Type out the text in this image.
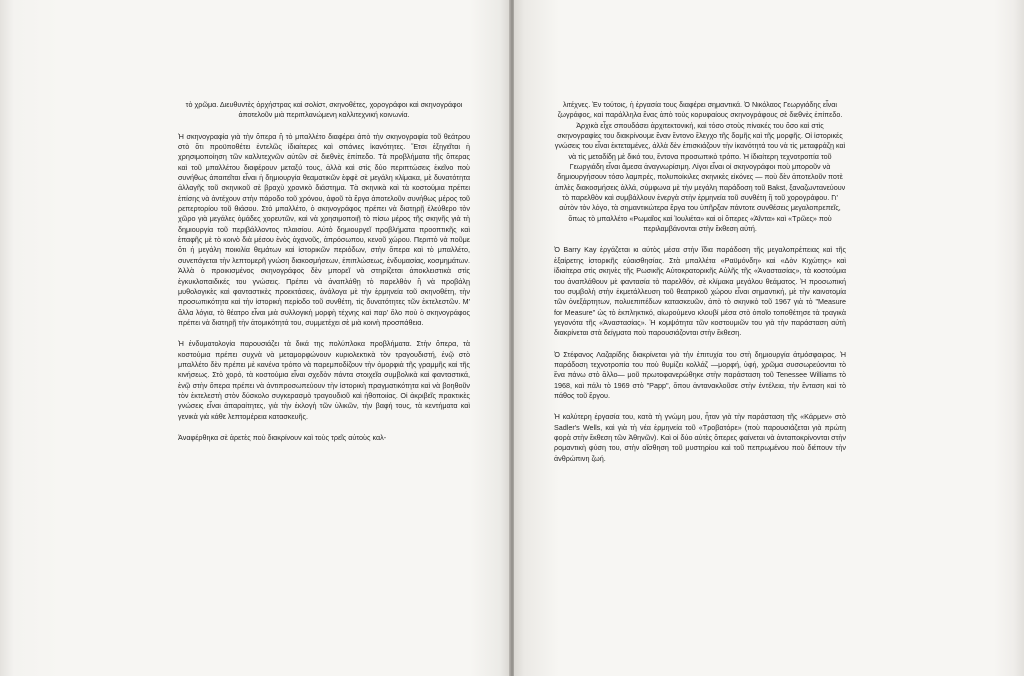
τὸ χρῶμα. Διευθυντὲς ὀρχήστρας καὶ σολίστ, σκηνοθέτες, χορογράφοι καὶ σκηνογράφοι ἀποτελοῦν μιὰ περιπλανώμενη καλλιτεχνική κοινωνία.

Ἡ σκηνογραφία γιὰ τὴν ὄπερα ἢ τὸ μπαλλέτο διαφέρει ἀπὸ τὴν σκηνογραφία τοῦ θεάτρου στὸ ὅτι προϋποθέτει ἐντελῶς ἰδιαίτερες καὶ σπάνιες ἱκανότητες. Ἔτσι ἐξηγεῖται ἡ χρησιμοποίηση τῶν καλλιτεχνῶν αὐτῶν σὲ διεθνὲς ἐπίπεδο. Τὰ προβλήματα τῆς ὄπερας καὶ τοῦ μπαλλέτου διαφέρουν μεταξύ τους, ἀλλὰ καὶ στὶς δύο περιπτώσεις ἐκεῖνο ποὺ συνήθως ἀπαιτεῖται εἶναι ἡ δημιουργία θεαματικῶν ἐφφὲ σὲ μεγάλη κλίμακα, μὲ δυνατότητα ἀλλαγῆς τοῦ σκηνικοῦ σὲ βραχὺ χρονικὸ διάστημα. Τὰ σκηνικὰ καὶ τὰ κοστούμια πρέπει ἐπίσης νὰ ἀντέχουν στὴν πάροδο τοῦ χρόνου, ἀφοῦ τὰ ἔργα ἀποτελοῦν συνήθως μέρος τοῦ ρεπερτορίου τοῦ θιάσου. Στὸ μπαλλέτο, ὁ σκηνογράφος πρέπει νὰ διατηρῇ ἐλεύθερο τὸν χῶρο γιὰ μεγάλες ὁμάδες χορευτῶν, καὶ νὰ χρησιμοποιῇ τὸ πίσω μέρος τῆς σκηνῆς γιὰ τὴ δημιουργία τοῦ περιβάλλοντος πλαισίου. Αὐτὸ δημιουργεῖ προβλήματα προοπτικῆς καὶ ἐπαφῆς μὲ τὸ κοινὸ διὰ μέσου ἑνὸς ἀχανοῦς, ἀπρόσωπου, κενοῦ χώρου. Περιττὸ νὰ ποῦμε ὅτι ἡ μεγάλη ποικιλία θεμάτων καὶ ἱστορικῶν περιόδων, στὴν ὄπερα καὶ τὸ μπαλλέτο, συνεπάγεται τὴν λεπτομερῆ γνώση διακοσμήσεων, ἐπιπλώσεως, ἐνδυμασίας, κοσμημάτων. Ἀλλὰ ὁ προικισμένος σκηνογράφος δὲν μπορεῖ νὰ στηρίζεται ἀποκλειστικὰ στὶς ἐγκυκλοπαιδικές του γνώσεις. Πρέπει νὰ ἀναπλάθῃ τὸ παρελθὸν ἢ νὰ προβάλῃ μυθολογικὲς καὶ φανταστικὲς προεκτάσεις, ἀνάλογα μὲ τὴν ἑρμηνεία τοῦ σκηνοθέτη, τὴν προσωπικότητα καὶ τὴν ἱστορικὴ περίοδο τοῦ συνθέτη, τὶς δυνατότητες τῶν ἐκτελεστῶν. Μ' ἄλλα λόγια, τὸ θέατρο εἶναι μιὰ συλλογικὴ μορφὴ τέχνης καὶ παρ' ὅλο ποὺ ὁ σκηνογράφος πρέπει νὰ διατηρῇ τὴν ἀτομικότητά του, συμμετέχει σὲ μιὰ κοινὴ προσπάθεια.

Ἡ ἐνδυματολογία παρουσιάζει τὰ δικά της πολύπλοκα προβλήματα. Στὴν ὄπερα, τὰ κοστούμια πρέπει συχνὰ νὰ μεταμορφώνουν κυριολεκτικὰ τὸν τραγουδιστή, ἐνῷ στὸ μπαλλέτο δὲν πρέπει μὲ κανένα τρόπο νὰ παρεμποδίζουν τὴν ὀμορφιὰ τῆς γραμμῆς καὶ τῆς κινήσεως. Στὸ χορό, τὰ κοστούμια εἶναι σχεδὸν πάντα στοιχεῖα συμβολικὰ καὶ φανταστικά, ἐνῷ στὴν ὄπερα πρέπει νὰ ἀντιπροσωπεύουν τὴν ἱστορικὴ πραγματικότητα καὶ νὰ βοηθοῦν τὸν ἐκτελεστὴ στὸν δύσκολο συγκερασμὸ τραγουδιοῦ καὶ ἠθοποιίας. Οἱ ἀκριβεῖς πρακτικὲς γνώσεις εἶναι ἀπαραίτητες, γιὰ τὴν ἐκλογὴ τῶν ὑλικῶν, τὴν βαφή τους, τὰ κεντήματα καὶ γενικὰ γιὰ κάθε λεπτομέρεια κατασκευῆς.

Ἀναφέρθηκα σὲ ἀρετὲς ποὺ διακρίνουν καὶ τοὺς τρεῖς αὐτοὺς καλ-

λιτέχνες. Ἐν τούτοις, ἡ ἐργασία τους διαφέρει σημαντικά. Ὁ Νικόλαος Γεωργιάδης εἶναι ζωγράφος, καὶ παράλληλα ἕνας ἀπὸ τοὺς κορυφαίους σκηνογράφους σὲ διεθνὲς ἐπίπεδο. Ἀρχικὰ εἶχε σπουδάσει ἀρχιτεκτονική, καὶ τόσο στοὺς πίνακές του ὅσο καὶ στὶς σκηνογραφίες του διακρίνουμε ἕναν ἔντονο ἔλεγχο τῆς δομῆς καὶ τῆς μορφῆς. Οἱ ἱστορικές γνώσεις του εἶναι ἐκτεταμένες, ἀλλὰ δὲν ἐπισκιάζουν τὴν ἱκανότητά του νὰ τὶς μεταφράζῃ καὶ νὰ τὶς μεταδίδῃ μὲ δικό του, ἔντονα προσωπικὸ τρόπο. Ἡ ἰδιαίτερη τεχνοτροπία τοῦ Γεωργιάδη εἶναι ἄμεσα ἀναγνωρίσιμη. Λίγοι εἶναι οἱ σκηνογράφοι ποὺ μποροῦν νὰ δημιουργήσουν τόσο λαμπρές, πολυποίκιλες σκηνικὲς εἰκόνες — ποὺ δὲν ἀποτελοῦν ποτὲ ἁπλὲς διακοσμήσεις ἀλλά, σύμφωνα μὲ τὴν μεγάλη παράδοση τοῦ Bakst, ξαναζωντανεύουν τὸ παρελθὸν καὶ συμβάλλουν ἐνεργὰ στὴν ἑρμηνεία τοῦ συνθέτη ἢ τοῦ χορογράφου. Γι' αὐτὸν τὸν λόγο, τὰ σημαντικώτερα ἔργα του ὑπῆρξαν πάντοτε συνθέσεις μεγαλοπρεπεῖς, ὅπως τὸ μπαλλέτο «Ρωμαῖος καὶ Ἰουλιέτα» καὶ οἱ ὄπερες «Ἀΐντα» καὶ «Τρῶες» ποὺ περιλαμβάνονται στὴν ἔκθεση αὐτή.

Ὁ Barry Kay ἐργάζεται κι αὐτὸς μέσα στὴν ἴδια παράδοση τῆς μεγαλοπρέπειας καὶ τῆς ἐξαίρετης ἱστορικῆς εὐαισθησίας. Στὰ μπαλλέτα «Ραϋμόνδη» καὶ «Δὸν Κιχώτης» καὶ ἰδιαίτερα στὶς σκηνὲς τῆς Ρωσικῆς Αὐτοκρατορικῆς Αὐλῆς τῆς «Ἀναστασίας», τὰ κοστούμια του ἀναπλάθουν μὲ φαντασία τὸ παρελθόν, σὲ κλίμακα μεγάλου θεάματος. Ἡ προσωπική του συμβολὴ στὴν ἐκμετάλλευση τοῦ θεατρικοῦ χώρου εἶναι σημαντική, μὲ τὴν καινοτομία τῶν ὀνεξάρτητων, πολυεπιπέδων κατασκευῶν, ἀπὸ τὸ σκηνικὸ τοῦ 1967 γιὰ τὸ "Measure for Measure" ὡς τὸ ἐκπληκτικό, αἰωρούμενο κλουβί μέσα στὸ ὁποῖο τοποθέτησε τὰ τραγικὰ γεγονότα τῆς «Ἀναστασίας». Ἡ κομψότητα τῶν κοστουμιῶν του γιὰ τὴν παράσταση αὐτὴ διακρίνεται στὰ δείγματα ποὺ παρουσιάζονται στὴν ἔκθεση.

Ὁ Στέφανος Λαζαρίδης διακρίνεται γιὰ τὴν ἐπιτυχία του στὴ δημιουργία ἀτμόσφαιρας. Ἡ παράδοση τεχνοτροπία του ποὺ θυμίζει κολλάζ —μορφή, ὑφή, χρῶμα συσσωρεύονται τὸ ἕνα πάνω στὸ ἄλλο— μοῦ πρωτοφανερώθηκε στὴν παράσταση τοῦ Tenessee Williams τὸ 1968, καὶ πάλι τὸ 1969 στὸ "Papp", ὅπου ἀντανακλοῦσε στὴν ἐντέλεια, τὴν ἔνταση καὶ τὸ πάθος τοῦ ἔργου.

Ἡ καλύτερη ἐργασία του, κατὰ τὴ γνώμη μου, ἦταν γιὰ τὴν παράσταση τῆς «Κάρμεν» στὸ Sadler's Wells, καὶ γιὰ τὴ νέα ἑρμηνεία τοῦ «Τροβατόρε» (ποὺ παρουσιάζεται γιὰ πρώτη φορὰ στὴν ἔκθεση τῶν Ἀθηνῶν). Καὶ οἱ δύο αὐτὲς ὄπερες φαίνεται νὰ ἀνταποκρίνονται στὴν ρομαντικὴ φύση του, στὴν αἴσθηση τοῦ μυστηρίου καὶ τοῦ πεπρωμένου ποὺ διέπουν τὴν ἀνθρώπινη ζωή.
